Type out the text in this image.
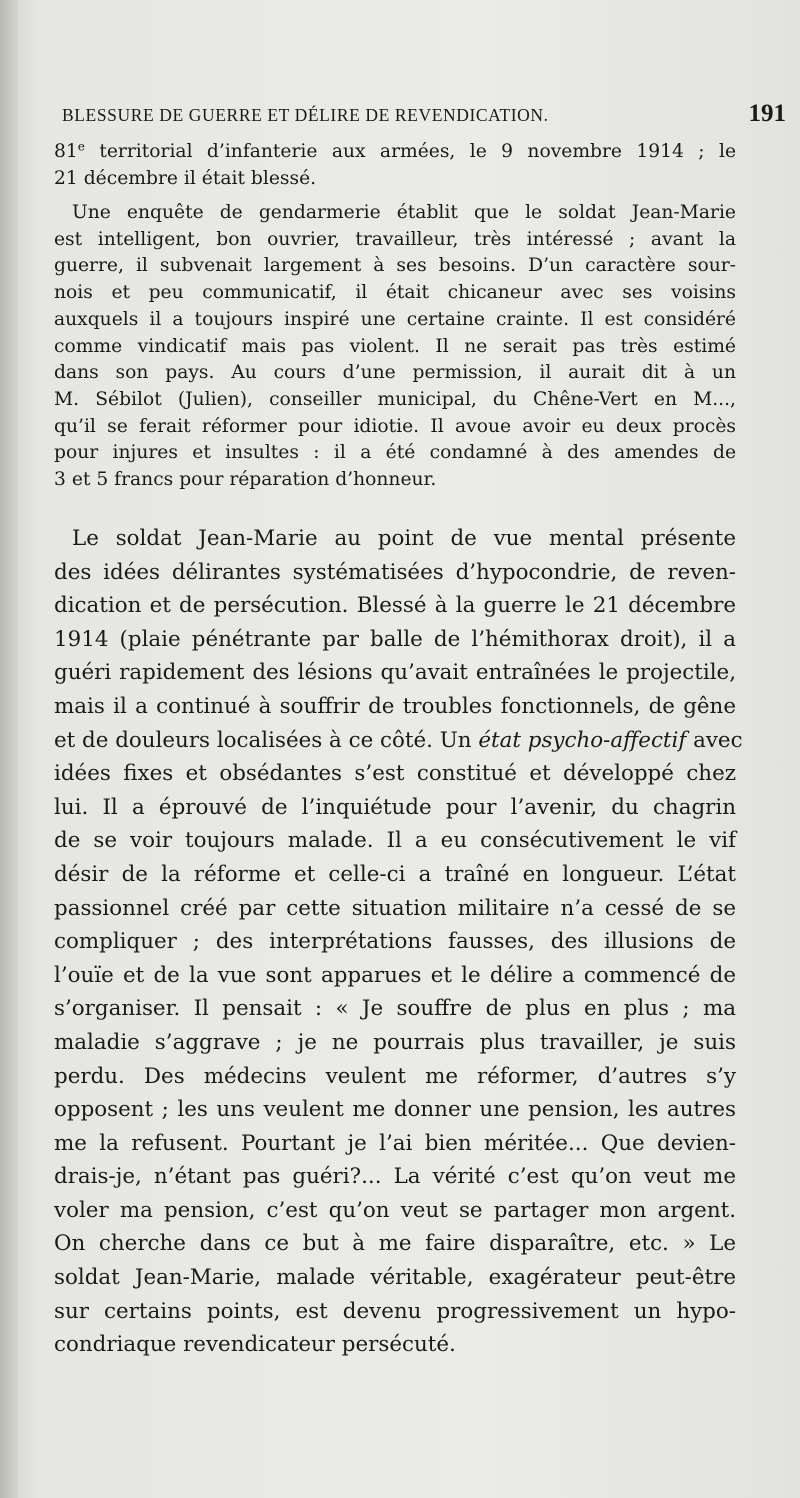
BLESSURE DE GUERRE ET DÉLIRE DE REVENDICATION.	191
81e territorial d’infanterie aux armées, le 9 novembre 1914 ; le
21 décembre il était blessé.
Une enquête de gendarmerie établit que le soldat Jean-Marie
est intelligent, bon ouvrier, travailleur, très intéressé ; avant la
guerre, il subvenait largement à ses besoins. D’un caractère sour-
nois et peu communicatif, il était chicaneur avec ses voisins
auxquels il a toujours inspiré une certaine crainte. Il est considéré
comme vindicatif mais pas violent. Il ne serait pas très estimé
dans son pays. Au cours d’une permission, il aurait dit à un
M. Sébilot (Julien), conseiller municipal, du Chêne-Vert en M...,
qu’il se ferait réformer pour idiotie. Il avoue avoir eu deux procès
pour injures et insultes : il a été condamné à des amendes de
3 et 5 francs pour réparation d’honneur.
Le soldat Jean-Marie au point de vue mental présente
des idées délirantes systématisées d’hypocondrie, de reven-
dication et de persécution. Blessé à la guerre le 21 décembre
1914 (plaie pénétrante par balle de l’hémithorax droit), il a
guéri rapidement des lésions qu’avait entraînées le projectile,
mais il a continué à souffrir de troubles fonctionnels, de gêne
et de douleurs localisées à ce côté. Un état psycho-affectif avec
idées fixes et obsédantes s’est constitué et développé chez
lui. Il a éprouvé de l’inquiétude pour l’avenir, du chagrin
de se voir toujours malade. Il a eu consécutivement le vif
désir de la réforme et celle-ci a traîné en longueur. L’état
passionnel créé par cette situation militaire n’a cessé de se
compliquer ; des interprétations fausses, des illusions de
l’ouïe et de la vue sont apparues et le délire a commencé de
s’organiser. Il pensait : « Je souffre de plus en plus ; ma
maladie s’aggrave ; je ne pourrais plus travailler, je suis
perdu. Des médecins veulent me réformer, d’autres s’y
opposent ; les uns veulent me donner une pension, les autres
me la refusent. Pourtant je l’ai bien méritée... Que devien-
drais-je, n’étant pas guéri?... La vérité c’est qu’on veut me
voler ma pension, c’est qu’on veut se partager mon argent.
On cherche dans ce but à me faire disparaître, etc. » Le
soldat Jean-Marie, malade véritable, exagérateur peut-être
sur certains points, est devenu progressivement un hypo-
condriaque revendicateur persécuté.
